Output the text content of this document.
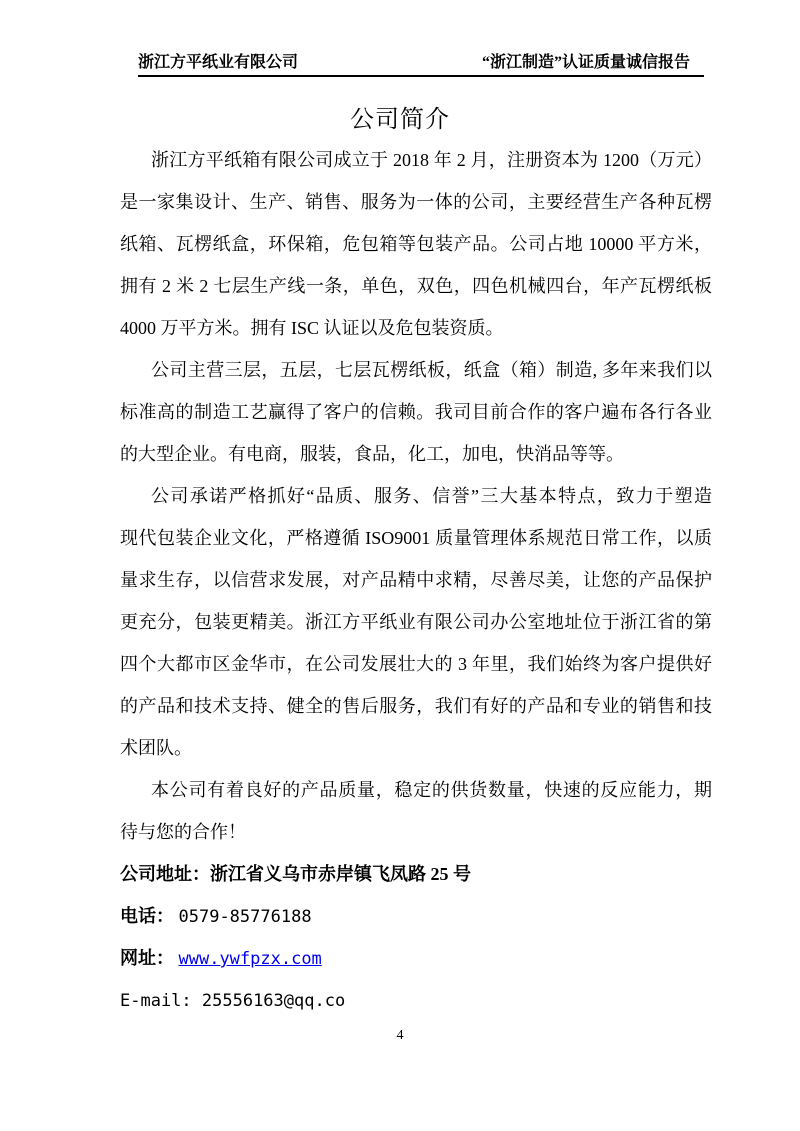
浙江方平纸业有限公司	“浙江制造”认证质量诚信报告
公司简介
浙江方平纸箱有限公司成立于 2018 年 2 月，注册资本为 1200（万元）
是一家集设计、生产、销售、服务为一体的公司，主要经营生产各种瓦楞
纸箱、瓦楞纸盒，环保箱，危包箱等包装产品。公司占地 10000 平方米，
拥有 2 米 2 七层生产线一条，单色，双色，四色机械四台，年产瓦楞纸板
4000 万平方米。拥有 ISC 认证以及危包装资质。
公司主营三层，五层，七层瓦楞纸板，纸盒（箱）制造, 多年来我们以
标准高的制造工艺赢得了客户的信赖。我司目前合作的客户遍布各行各业
的大型企业。有电商，服装，食品，化工，加电，快消品等等。
公司承诺严格抓好“品质、服务、信誉”三大基本特点，致力于塑造
现代包装企业文化，严格遵循 ISO9001 质量管理体系规范日常工作，以质
量求生存，以信营求发展，对产品精中求精，尽善尽美，让您的产品保护
更充分，包装更精美。浙江方平纸业有限公司办公室地址位于浙江省的第
四个大都市区金华市，在公司发展壮大的 3 年里，我们始终为客户提供好
的产品和技术支持、健全的售后服务，我们有好的产品和专业的销售和技
术团队。
本公司有着良好的产品质量，稳定的供货数量，快速的反应能力，期
待与您的合作！
公司地址：浙江省义乌市赤岸镇飞凤路 25 号
电话： 0579-85776188
网址： www.ywfpzx.com
E-mail: 25556163@qq.co
4
